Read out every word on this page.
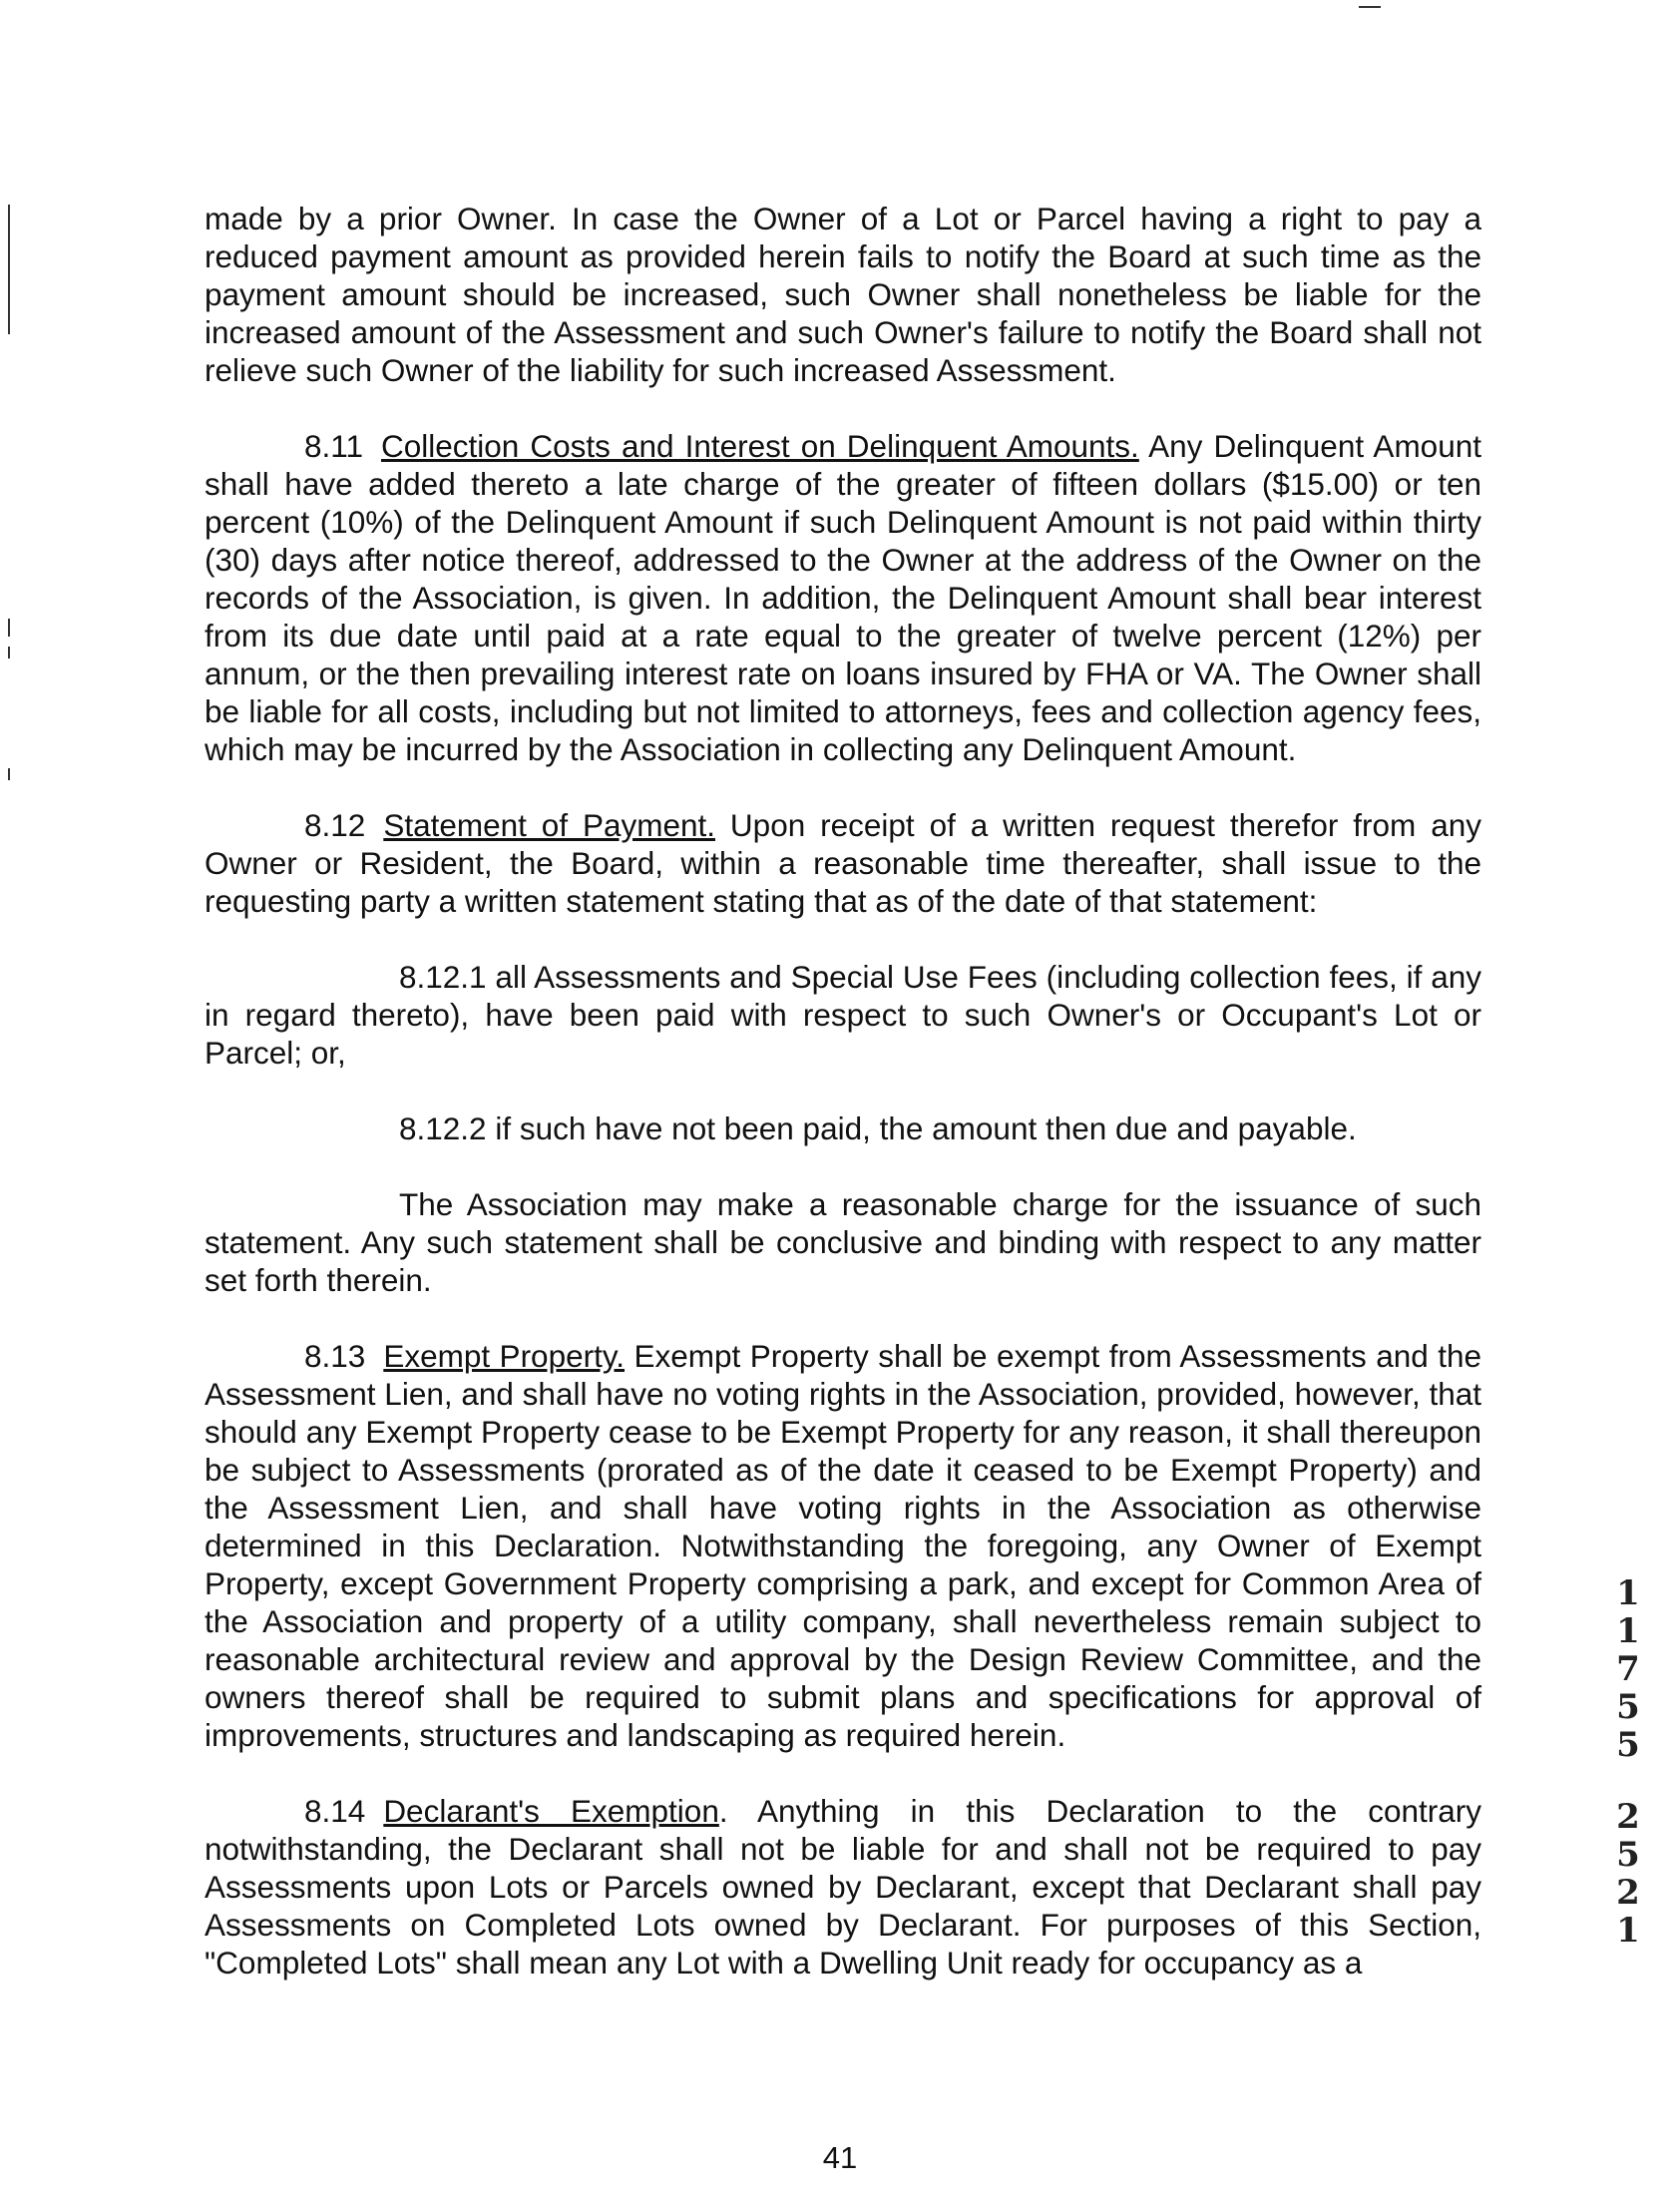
made by a prior Owner. In case the Owner of a Lot or Parcel having a right to pay a reduced payment amount as provided herein fails to notify the Board at such time as the payment amount should be increased, such Owner shall nonetheless be liable for the increased amount of the Assessment and such Owner's failure to notify the Board shall not relieve such Owner of the liability for such increased Assessment.

8.11 Collection Costs and Interest on Delinquent Amounts. Any Delinquent Amount shall have added thereto a late charge of the greater of fifteen dollars ($15.00) or ten percent (10%) of the Delinquent Amount if such Delinquent Amount is not paid within thirty (30) days after notice thereof, addressed to the Owner at the address of the Owner on the records of the Association, is given. In addition, the Delinquent Amount shall bear interest from its due date until paid at a rate equal to the greater of twelve percent (12%) per annum, or the then prevailing interest rate on loans insured by FHA or VA. The Owner shall be liable for all costs, including but not limited to attorneys, fees and collection agency fees, which may be incurred by the Association in collecting any Delinquent Amount.

8.12 Statement of Payment. Upon receipt of a written request therefor from any Owner or Resident, the Board, within a reasonable time thereafter, shall issue to the requesting party a written statement stating that as of the date of that statement:

8.12.1 all Assessments and Special Use Fees (including collection fees, if any in regard thereto), have been paid with respect to such Owner's or Occupant's Lot or Parcel; or,

8.12.2 if such have not been paid, the amount then due and payable.

The Association may make a reasonable charge for the issuance of such statement. Any such statement shall be conclusive and binding with respect to any matter set forth therein.

8.13 Exempt Property. Exempt Property shall be exempt from Assessments and the Assessment Lien, and shall have no voting rights in the Association, provided, however, that should any Exempt Property cease to be Exempt Property for any reason, it shall thereupon be subject to Assessments (prorated as of the date it ceased to be Exempt Property) and the Assessment Lien, and shall have voting rights in the Association as otherwise determined in this Declaration. Notwithstanding the foregoing, any Owner of Exempt Property, except Government Property comprising a park, and except for Common Area of the Association and property of a utility company, shall nevertheless remain subject to reasonable architectural review and approval by the Design Review Committee, and the owners thereof shall be required to submit plans and specifications for approval of improvements, structures and landscaping as required herein.

8.14 Declarant's Exemption. Anything in this Declaration to the contrary notwithstanding, the Declarant shall not be liable for and shall not be required to pay Assessments upon Lots or Parcels owned by Declarant, except that Declarant shall pay Assessments on Completed Lots owned by Declarant. For purposes of this Section, "Completed Lots" shall mean any Lot with a Dwelling Unit ready for occupancy as a

1
1
7
5
5
2
5
2
1
41
